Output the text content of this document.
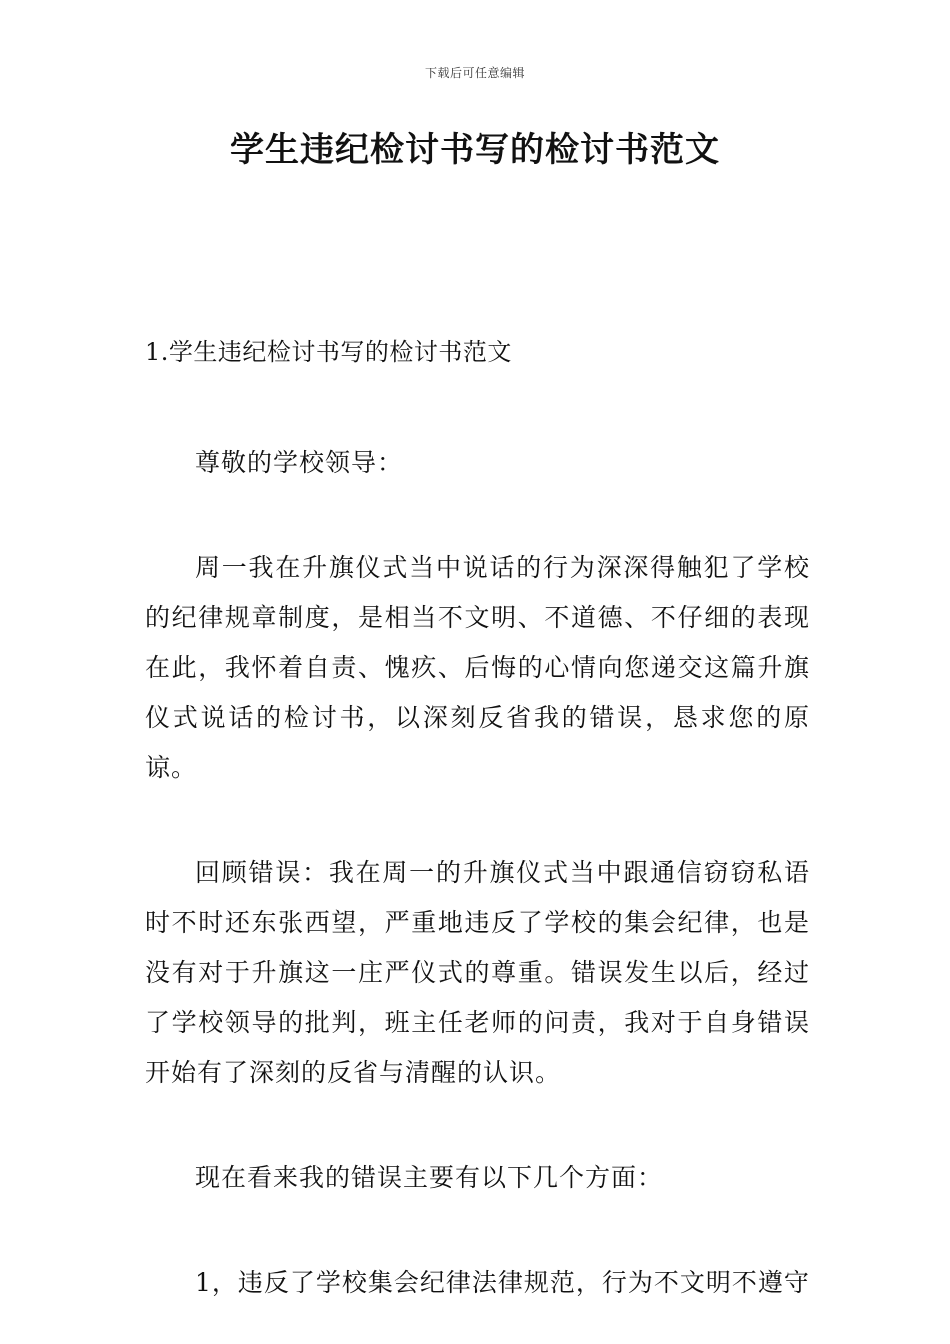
下载后可任意编辑
学生违纪检讨书写的检讨书范文

1.学生违纪检讨书写的检讨书范文

尊敬的学校领导：

周一我在升旗仪式当中说话的行为深深得触犯了学校的纪律规章制度，是相当不文明、不道德、不仔细的表现在此，我怀着自责、愧疚、后悔的心情向您递交这篇升旗仪式说话的检讨书，以深刻反省我的错误，恳求您的原谅。

回顾错误：我在周一的升旗仪式当中跟通信窃窃私语时不时还东张西望，严重地违反了学校的集会纪律，也是没有对于升旗这一庄严仪式的尊重。错误发生以后，经过了学校领导的批判，班主任老师的问责，我对于自身错误开始有了深刻的反省与清醒的认识。

现在看来我的错误主要有以下几个方面：

1，违反了学校集会纪律法律规范，行为不文明不遵守
